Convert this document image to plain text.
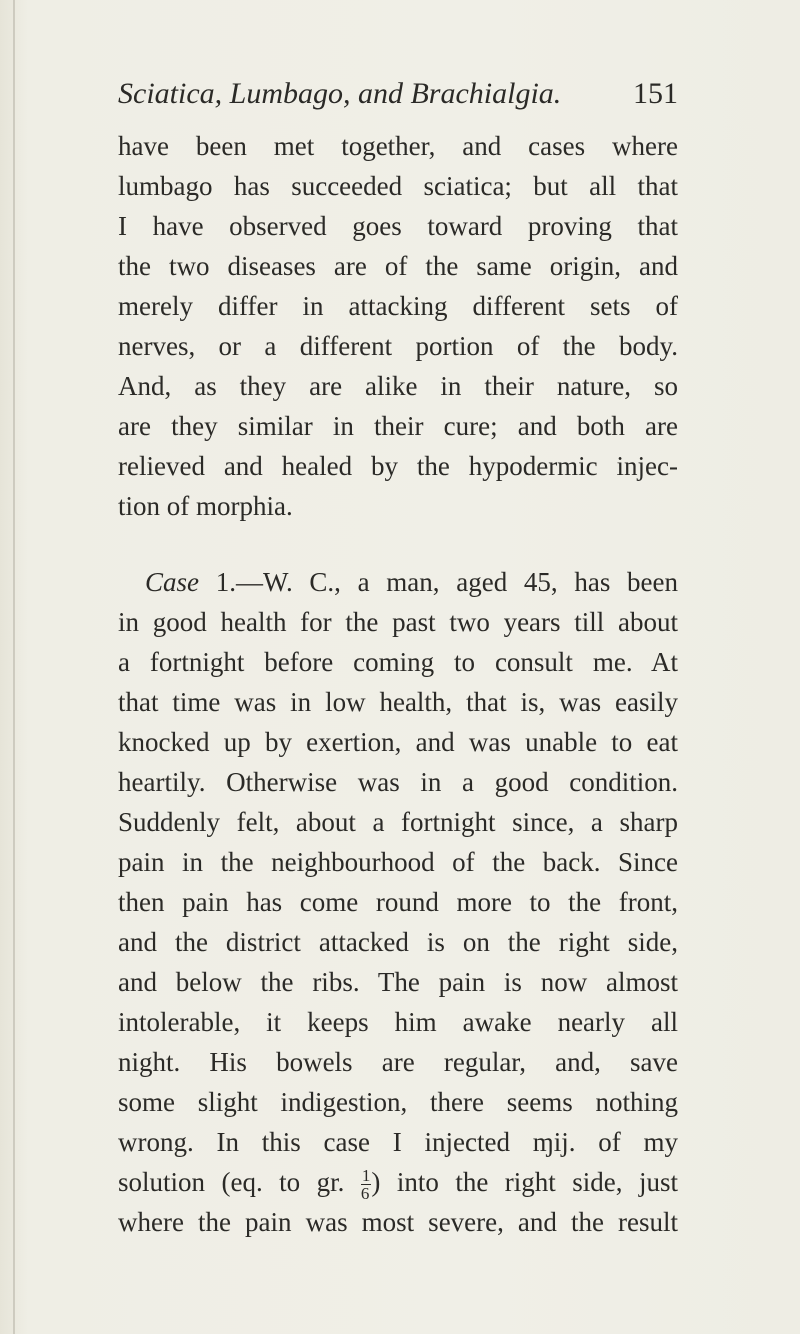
Sciatica, Lumbago, and Brachialgia. 151
have been met together, and cases where
lumbago has succeeded sciatica; but all that
I have observed goes toward proving that
the two diseases are of the same origin, and
merely differ in attacking different sets of
nerves, or a different portion of the body.
And, as they are alike in their nature, so
are they similar in their cure; and both are
relieved and healed by the hypodermic injec-
tion of morphia.
 Case 1.—W. C., a man, aged 45, has been
in good health for the past two years till about
a fortnight before coming to consult me. At
that time was in low health, that is, was easily
knocked up by exertion, and was unable to eat
heartily. Otherwise was in a good condition.
Suddenly felt, about a fortnight since, a sharp
pain in the neighbourhood of the back. Since
then pain has come round more to the front,
and the district attacked is on the right side,
and below the ribs. The pain is now almost
intolerable, it keeps him awake nearly all
night. His bowels are regular, and, save
some slight indigestion, there seems nothing
wrong. In this case I injected ɱij. of my
solution (eq. to gr. $\frac{1}{6}$ ) into the right side, just
where the pain was most severe, and the result
